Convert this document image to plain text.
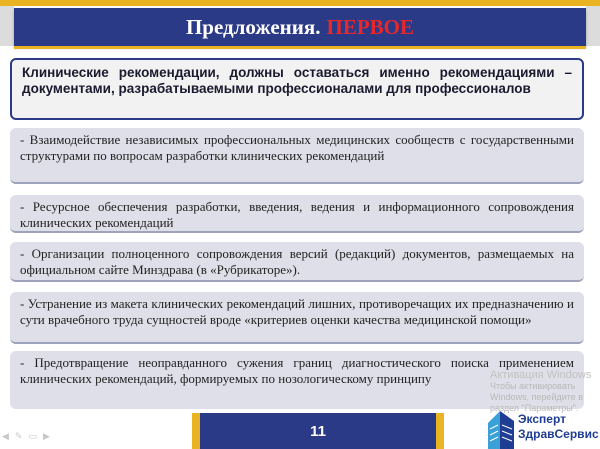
Предложения. ПЕРВОЕ
Клинические рекомендации, должны оставаться именно рекомендациями – документами, разрабатываемыми профессионалами для профессионалов
- Взаимодействие независимых профессиональных медицинских сообществ с государственными структурами по вопросам разработки клинических рекомендаций
- Ресурсное обеспечения разработки, введения, ведения и информационного сопровождения клинических рекомендаций
- Организации полноценного сопровождения версий (редакций) документов, размещаемых на официальном сайте Минздрава (в «Рубрикаторе»).
- Устранение из макета клинических рекомендаций лишних, противоречащих их предназначению и сути врачебного труда сущностей вроде «критериев оценки качества медицинской помощи»
- Предотвращение неоправданного сужения границ диагностического поиска применением клинических рекомендаций, формируемых по нозологическому принципу	Активация Windows
Чтобы активировать Windows, перейдите в раздел "Параметры".
11
Эксперт
ЗдравСервис
◀ ✎ ▭ ▶
